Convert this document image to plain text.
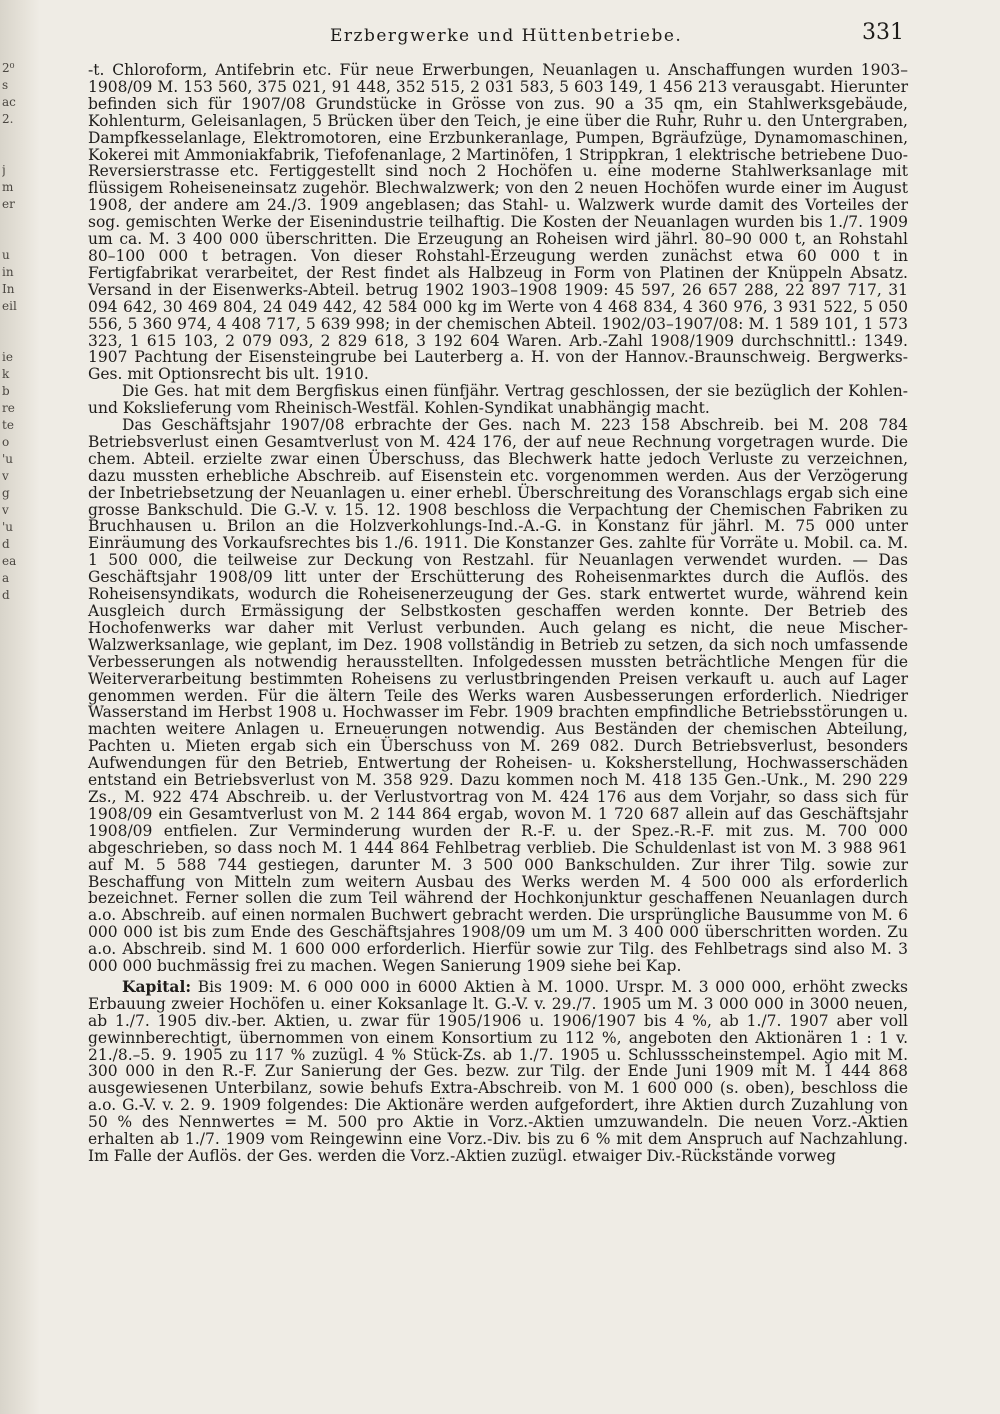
2⁰
s
ac
2.
j
m
er
u
in
In
eil
ie
k
b
re
te
o
'u
v
g
v
'u
d
ea
a
d
Erzbergwerke und Hüttenbetriebe.	331

-t. Chloroform, Antifebrin etc. Für neue Erwerbungen, Neuanlagen u. Anschaffungen wurden 1903–1908/09 M. 153 560, 375 021, 91 448, 352 515, 2 031 583, 5 603 149, 1 456 213 verausgabt. Hierunter befinden sich für 1907/08 Grundstücke in Grösse von zus. 90 a 35 qm, ein Stahlwerksgebäude, Kohlenturm, Geleisanlagen, 5 Brücken über den Teich, je eine über die Ruhr, Ruhr u. den Untergraben, Dampfkesselanlage, Elektromotoren, eine Erzbunkeranlage, Pumpen, Bgräufzüge, Dynamomaschinen, Kokerei mit Ammoniakfabrik, Tiefofenanlage, 2 Martinöfen, 1 Strippkran, 1 elektrische betriebene Duo-Reversierstrasse etc. Fertiggestellt sind noch 2 Hochöfen u. eine moderne Stahlwerksanlage mit flüssigem Roheiseneinsatz zugehör. Blechwalzwerk; von den 2 neuen Hochöfen wurde einer im August 1908, der andere am 24./3. 1909 angeblasen; das Stahl- u. Walzwerk wurde damit des Vorteiles der sog. gemischten Werke der Eisenindustrie teilhaftig. Die Kosten der Neuanlagen wurden bis 1./7. 1909 um ca. M. 3 400 000 überschritten. Die Erzeugung an Roheisen wird jährl. 80–90 000 t, an Rohstahl 80–100 000 t betragen. Von dieser Rohstahl-Erzeugung werden zunächst etwa 60 000 t in Fertigfabrikat verarbeitet, der Rest findet als Halbzeug in Form von Platinen der Knüppeln Absatz. Versand in der Eisenwerks-Abteil. betrug 1902 1903–1908 1909: 45 597, 26 657 288, 22 897 717, 31 094 642, 30 469 804, 24 049 442, 42 584 000 kg im Werte von 4 468 834, 4 360 976, 3 931 522, 5 050 556, 5 360 974, 4 408 717, 5 639 998; in der chemischen Abteil. 1902/03–1907/08: M. 1 589 101, 1 573 323, 1 615 103, 2 079 093, 2 829 618, 3 192 604 Waren. Arb.-Zahl 1908/1909 durchschnittl.: 1349. 1907 Pachtung der Eisensteingrube bei Lauterberg a. H. von der Hannov.-Braunschweig. Bergwerks-Ges. mit Optionsrecht bis ult. 1910.

Die Ges. hat mit dem Bergfiskus einen fünfjähr. Vertrag geschlossen, der sie bezüglich der Kohlen- und Kokslieferung vom Rheinisch-Westfäl. Kohlen-Syndikat unabhängig macht.

Das Geschäftsjahr 1907/08 erbrachte der Ges. nach M. 223 158 Abschreib. bei M. 208 784 Betriebsverlust einen Gesamtverlust von M. 424 176, der auf neue Rechnung vorgetragen wurde. Die chem. Abteil. erzielte zwar einen Überschuss, das Blechwerk hatte jedoch Verluste zu verzeichnen, dazu mussten erhebliche Abschreib. auf Eisenstein etc. vorgenommen werden. Aus der Verzögerung der Inbetriebsetzung der Neuanlagen u. einer erhebl. Überschreitung des Voranschlags ergab sich eine grosse Bankschuld. Die G.-V. v. 15. 12. 1908 beschloss die Verpachtung der Chemischen Fabriken zu Bruchhausen u. Brilon an die Holzverkohlungs-Ind.-A.-G. in Konstanz für jährl. M. 75 000 unter Einräumung des Vorkaufsrechtes bis 1./6. 1911. Die Konstanzer Ges. zahlte für Vorräte u. Mobil. ca. M. 1 500 000, die teilweise zur Deckung von Restzahl. für Neuanlagen verwendet wurden. — Das Geschäftsjahr 1908/09 litt unter der Erschütterung des Roheisenmarktes durch die Auflös. des Roheisensyndikats, wodurch die Roheisenerzeugung der Ges. stark entwertet wurde, während kein Ausgleich durch Ermässigung der Selbstkosten geschaffen werden konnte. Der Betrieb des Hochofenwerks war daher mit Verlust verbunden. Auch gelang es nicht, die neue Mischer-Walzwerksanlage, wie geplant, im Dez. 1908 vollständig in Betrieb zu setzen, da sich noch umfassende Verbesserungen als notwendig herausstellten. Infolgedessen mussten beträchtliche Mengen für die Weiterverarbeitung bestimmten Roheisens zu verlustbringenden Preisen verkauft u. auch auf Lager genommen werden. Für die ältern Teile des Werks waren Ausbesserungen erforderlich. Niedriger Wasserstand im Herbst 1908 u. Hochwasser im Febr. 1909 brachten empfindliche Betriebsstörungen u. machten weitere Anlagen u. Erneuerungen notwendig. Aus Beständen der chemischen Abteilung, Pachten u. Mieten ergab sich ein Überschuss von M. 269 082. Durch Betriebsverlust, besonders Aufwendungen für den Betrieb, Entwertung der Roheisen- u. Koksherstellung, Hochwasserschäden entstand ein Betriebsverlust von M. 358 929. Dazu kommen noch M. 418 135 Gen.-Unk., M. 290 229 Zs., M. 922 474 Abschreib. u. der Verlustvortrag von M. 424 176 aus dem Vorjahr, so dass sich für 1908/09 ein Gesamtverlust von M. 2 144 864 ergab, wovon M. 1 720 687 allein auf das Geschäftsjahr 1908/09 entfielen. Zur Verminderung wurden der R.-F. u. der Spez.-R.-F. mit zus. M. 700 000 abgeschrieben, so dass noch M. 1 444 864 Fehlbetrag verblieb. Die Schuldenlast ist von M. 3 988 961 auf M. 5 588 744 gestiegen, darunter M. 3 500 000 Bankschulden. Zur ihrer Tilg. sowie zur Beschaffung von Mitteln zum weitern Ausbau des Werks werden M. 4 500 000 als erforderlich bezeichnet. Ferner sollen die zum Teil während der Hochkonjunktur geschaffenen Neuanlagen durch a.o. Abschreib. auf einen normalen Buchwert gebracht werden. Die ursprüngliche Bausumme von M. 6 000 000 ist bis zum Ende des Geschäftsjahres 1908/09 um um M. 3 400 000 überschritten worden. Zu a.o. Abschreib. sind M. 1 600 000 erforderlich. Hierfür sowie zur Tilg. des Fehlbetrags sind also M. 3 000 000 buchmässig frei zu machen. Wegen Sanierung 1909 siehe bei Kap.

Kapital: Bis 1909: M. 6 000 000 in 6000 Aktien à M. 1000. Urspr. M. 3 000 000, erhöht zwecks Erbauung zweier Hochöfen u. einer Koksanlage lt. G.-V. v. 29./7. 1905 um M. 3 000 000 in 3000 neuen, ab 1./7. 1905 div.-ber. Aktien, u. zwar für 1905/1906 u. 1906/1907 bis 4 %, ab 1./7. 1907 aber voll gewinnberechtigt, übernommen von einem Konsortium zu 112 %, angeboten den Aktionären 1 : 1 v. 21./8.–5. 9. 1905 zu 117 % zuzügl. 4 % Stück-Zs. ab 1./7. 1905 u. Schlussscheinstempel. Agio mit M. 300 000 in den R.-F. Zur Sanierung der Ges. bezw. zur Tilg. der Ende Juni 1909 mit M. 1 444 868 ausgewiesenen Unterbilanz, sowie behufs Extra-Abschreib. von M. 1 600 000 (s. oben), beschloss die a.o. G.-V. v. 2. 9. 1909 folgendes: Die Aktionäre werden aufgefordert, ihre Aktien durch Zuzahlung von 50 % des Nennwertes = M. 500 pro Aktie in Vorz.-Aktien umzuwandeln. Die neuen Vorz.-Aktien erhalten ab 1./7. 1909 vom Reingewinn eine Vorz.-Div. bis zu 6 % mit dem Anspruch auf Nachzahlung. Im Falle der Auflös. der Ges. werden die Vorz.-Aktien zuzügl. etwaiger Div.-Rückstände vorweg
